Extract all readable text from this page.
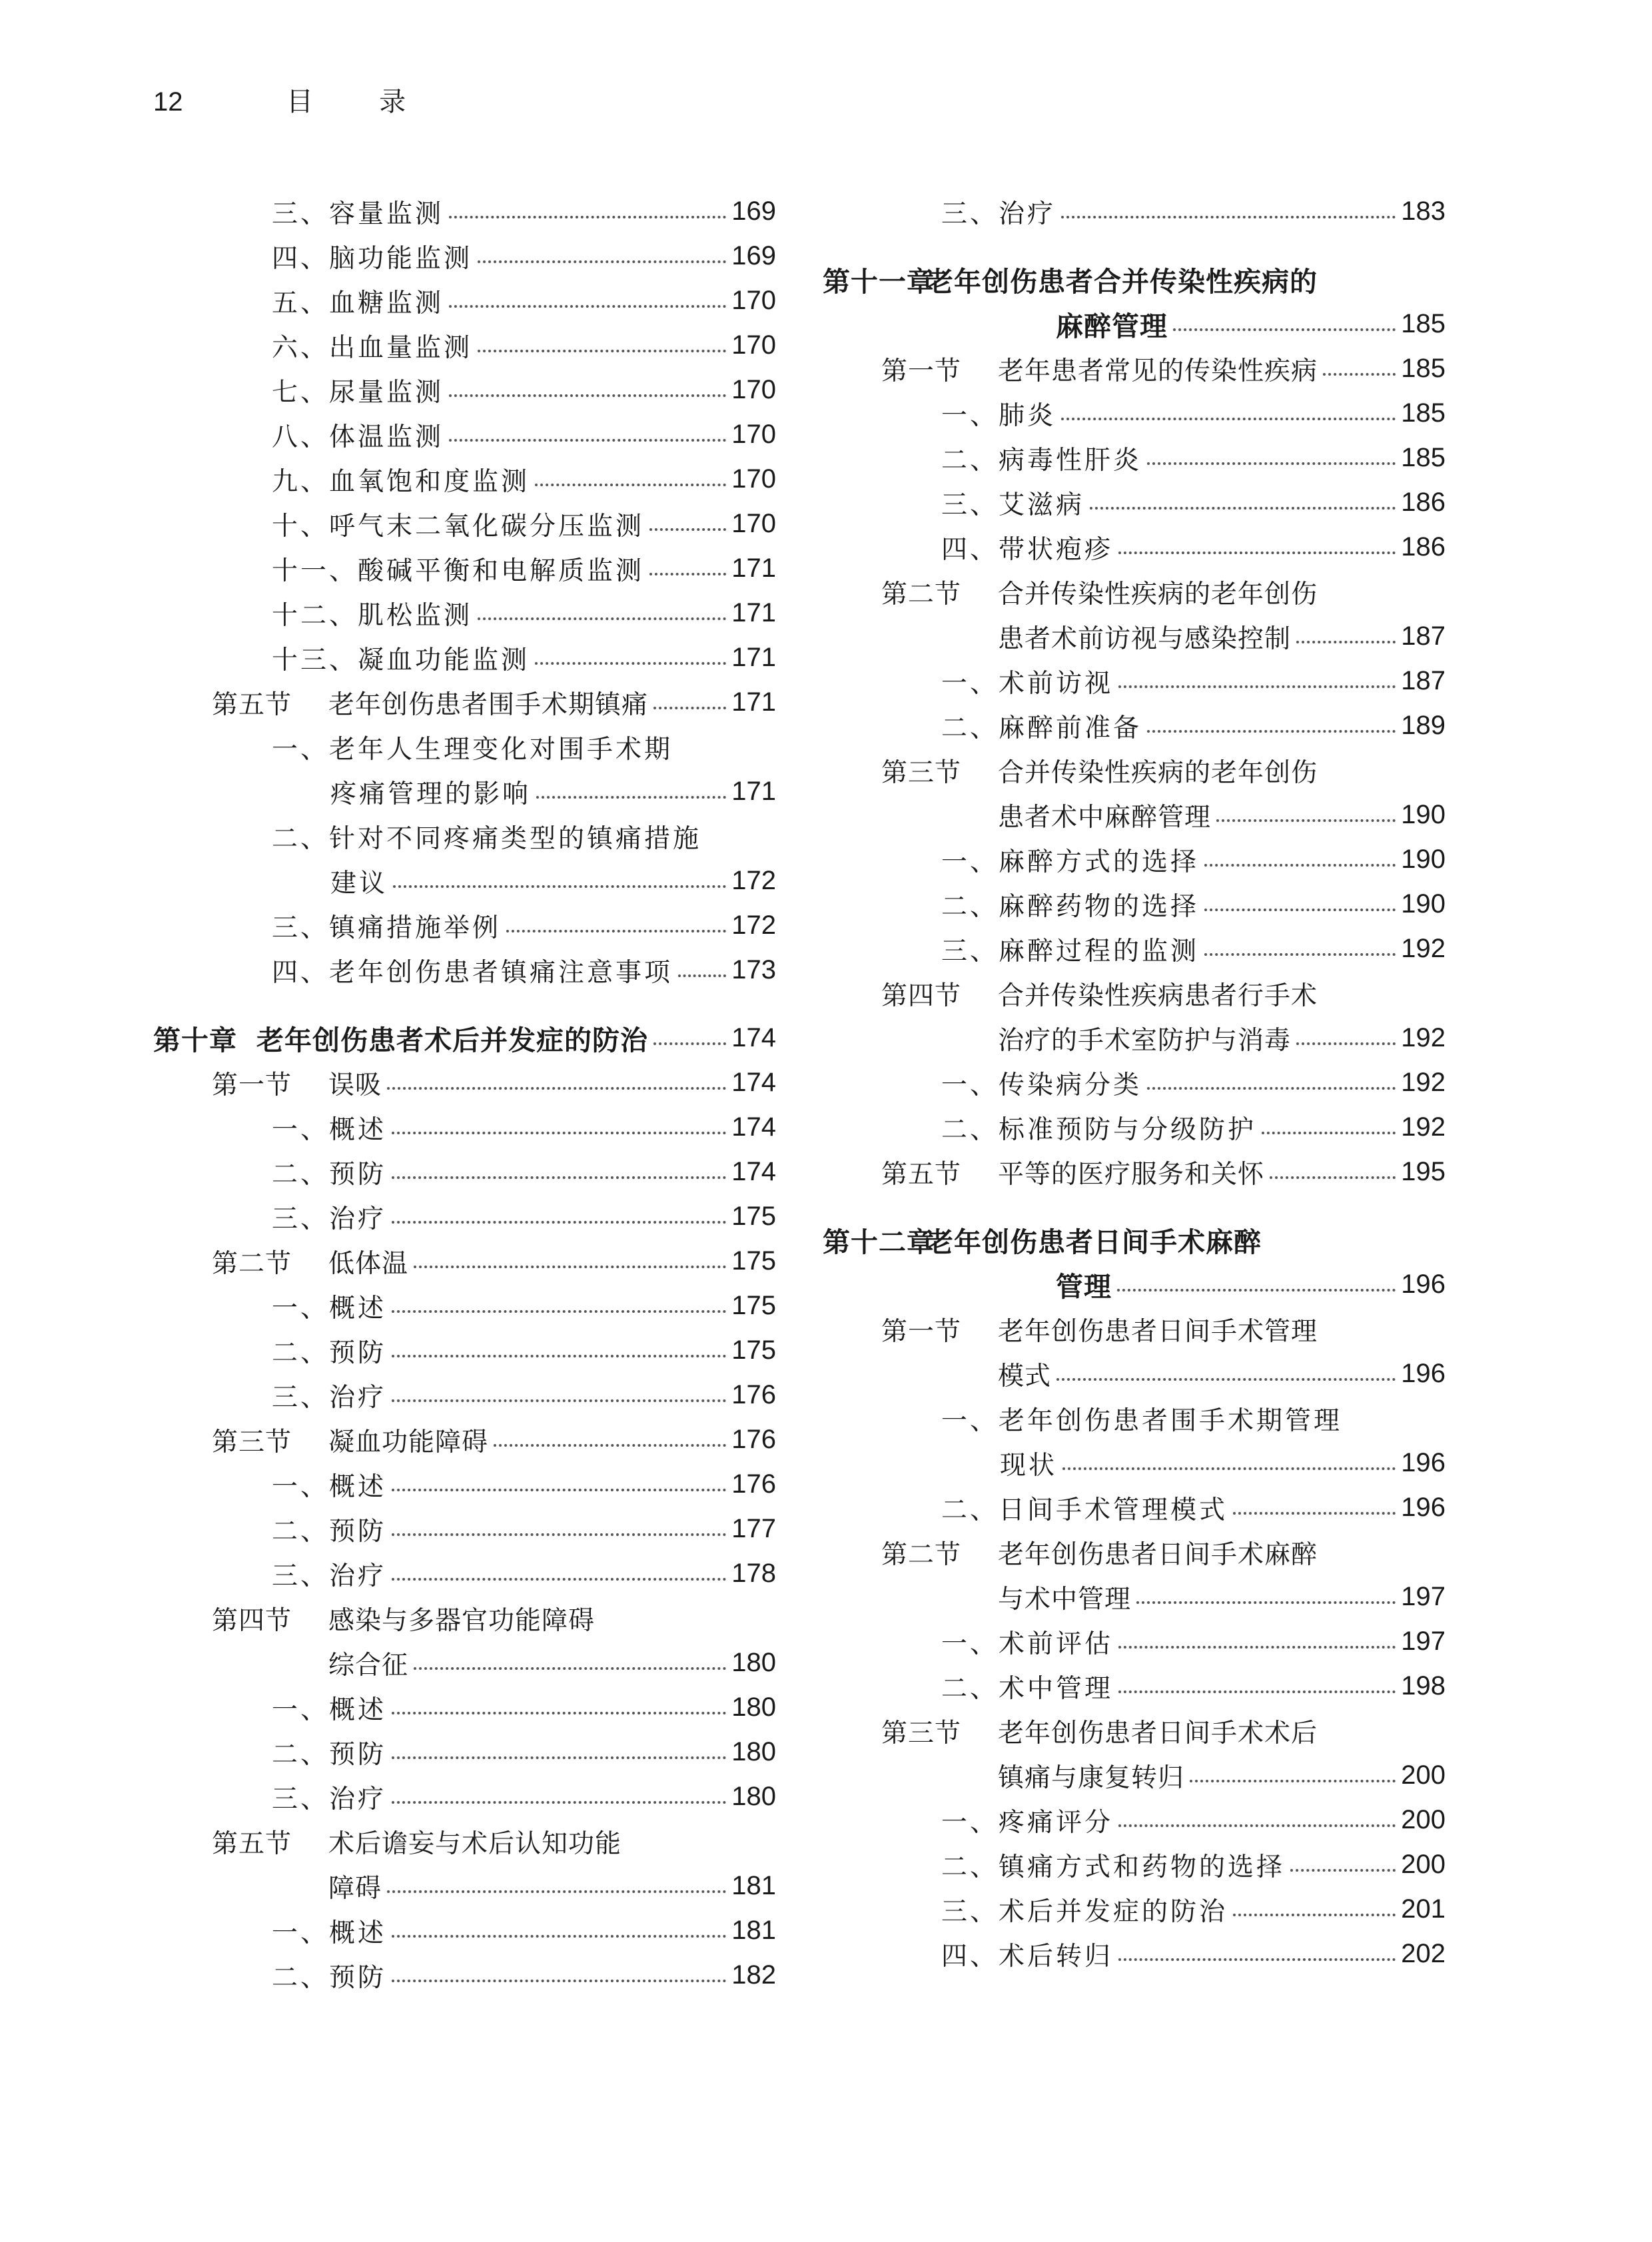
12	目 录
三、容量监测	169
四、脑功能监测	169
五、血糖监测	170
六、出血量监测	170
七、尿量监测	170
八、体温监测	170
九、血氧饱和度监测	170
十、呼气末二氧化碳分压监测	170
十一、酸碱平衡和电解质监测	171
十二、肌松监测	171
十三、凝血功能监测	171
第五节 老年创伤患者围手术期镇痛	171
一、老年人生理变化对围手术期
疼痛管理的影响	171
二、针对不同疼痛类型的镇痛措施
建议	172
三、镇痛措施举例	172
四、老年创伤患者镇痛注意事项 173
第十章 老年创伤患者术后并发症的防治	174
第一节 误吸	174
一、概述	174
二、预防	174
三、治疗	175
第二节 低体温	175
一、概述	175
二、预防	175
三、治疗	176
第三节 凝血功能障碍	176
一、概述	176
二、预防	177
三、治疗	178
第四节 感染与多器官功能障碍
综合征	180
一、概述	180
二、预防	180
三、治疗	180
第五节 术后谵妄与术后认知功能
障碍	181
一、概述	181
二、预防	182
三、治疗	183
第十一章老年创伤患者合并传染性疾病的
麻醉管理	185
第一节 老年患者常见的传染性疾病	185
一、肺炎	185
二、病毒性肝炎	185
三、艾滋病	186
四、带状疱疹	186
第二节 合并传染性疾病的老年创伤
患者术前访视与感染控制	187
一、术前访视	187
二、麻醉前准备	189
第三节 合并传染性疾病的老年创伤
患者术中麻醉管理	190
一、麻醉方式的选择	190
二、麻醉药物的选择	190
三、麻醉过程的监测	192
第四节 合并传染性疾病患者行手术
治疗的手术室防护与消毒	192
一、传染病分类	192
二、标准预防与分级防护	192
第五节 平等的医疗服务和关怀	195
第十二章老年创伤患者日间手术麻醉
管理	196
第一节 老年创伤患者日间手术管理
模式	196
一、老年创伤患者围手术期管理
现状	196
二、日间手术管理模式	196
第二节 老年创伤患者日间手术麻醉
与术中管理	197
一、术前评估	197
二、术中管理	198
第三节 老年创伤患者日间手术术后
镇痛与康复转归	200
一、疼痛评分	200
二、镇痛方式和药物的选择	200
三、术后并发症的防治	201
四、术后转归	202
